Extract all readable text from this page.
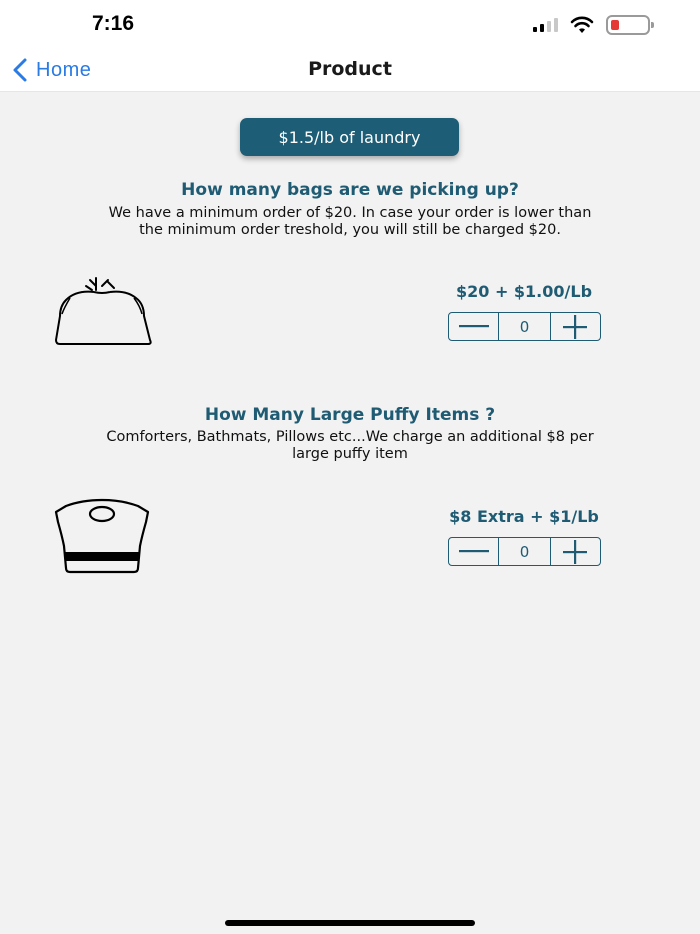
7:16
Home	Product
$1.5/lb of laundry
How many bags are we picking up?
We have a minimum order of $20. In case your order is lower than
the minimum order treshold, you will still be charged $20.
$20 + $1.00/Lb
0
How Many Large Puffy Items ?
Comforters, Bathmats, Pillows etc...We charge an additional $8 per
large puffy item
$8 Extra + $1/Lb
0
